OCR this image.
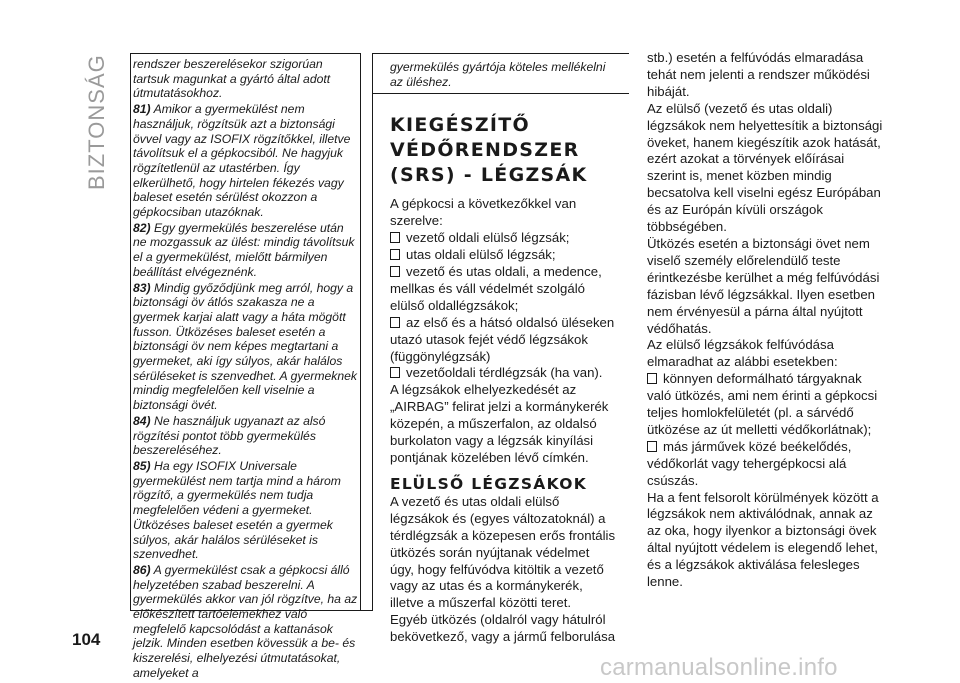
BIZTONSÁG rendszer beszerelésekor szigorúan tartsuk magunkat a gyártó által adott útmutatásokhoz.

81) Amikor a gyermekülést nem használjuk, rögzítsük azt a biztonsági övvel vagy az ISOFIX rögzítőkkel, illetve távolítsuk el a gépkocsiból. Ne hagyjuk rögzítetlenül az utastérben. Így elkerülhető, hogy hirtelen fékezés vagy baleset esetén sérülést okozzon a gépkocsiban utazóknak.

82) Egy gyermekülés beszerelése után ne mozgassuk az ülést: mindig távolítsuk el a gyermekülést, mielőtt bármilyen beállítást elvégeznénk.

83) Mindig győződjünk meg arról, hogy a biztonsági öv átlós szakasza ne a gyermek karjai alatt vagy a háta mögött fusson. Ütközéses baleset esetén a biztonsági öv nem képes megtartani a gyermeket, aki így súlyos, akár halálos sérüléseket is szenvedhet. A gyermeknek mindig megfelelően kell viselnie a biztonsági övét.

84) Ne használjuk ugyanazt az alsó rögzítési pontot több gyermekülés beszereléséhez.

85) Ha egy ISOFIX Universale gyermekülést nem tartja mind a három rögzítő, a gyermekülés nem tudja megfelelően védeni a gyermeket. Ütközéses baleset esetén a gyermek súlyos, akár halálos sérüléseket is szenvedhet.

86) A gyermekülést csak a gépkocsi álló helyzetében szabad beszerelni. A gyermekülés akkor van jól rögzítve, ha az előkészített tartóelemekhez való megfelelő kapcsolódást a kattanások jelzik. Minden esetben kövessük a be- és kiszerelési, elhelyezési útmutatásokat, amelyeket a

gyermekülés gyártója köteles mellékelni az üléshez.
KIEGÉSZÍTŐ
VÉDŐRENDSZER
(SRS) - LÉGZSÁK

A gépkocsi a következőkkel van szerelve:

vezető oldali elülső légzsák;

utas oldali elülső légzsák;

vezető és utas oldali, a medence, mellkas és váll védelmét szolgáló elülső oldallégzsákok;

az első és a hátsó oldalsó üléseken utazó utasok fejét védő légzsákok (függönylégzsák)

vezetőoldali térdlégzsák (ha van).

A légzsákok elhelyezkedését az „AIRBAG” felirat jelzi a kormánykerék közepén, a műszerfalon, az oldalsó burkolaton vagy a légzsák kinyílási pontjának közelében lévő címkén.

ELÜLSŐ LÉGZSÁKOK

A vezető és utas oldali elülső légzsákok és (egyes változatoknál) a térdlégzsák a közepesen erős frontális ütközés során nyújtanak védelmet úgy, hogy felfúvódva kitöltik a vezető vagy az utas és a kormánykerék, illetve a műszerfal közötti teret.

Egyéb ütközés (oldalról vagy hátulról bekövetkező, vagy a jármű felborulása

stb.) esetén a felfúvódás elmaradása tehát nem jelenti a rendszer működési hibáját.

Az elülső (vezető és utas oldali) légzsákok nem helyettesítik a biztonsági öveket, hanem kiegészítik azok hatását, ezért azokat a törvények előírásai szerint is, menet közben mindig becsatolva kell viselni egész Európában és az Európán kívüli országok többségében.

Ütközés esetén a biztonsági övet nem viselő személy előrelendülő teste érintkezésbe kerülhet a még felfúvódási fázisban lévő légzsákkal. Ilyen esetben nem érvényesül a párna által nyújtott védőhatás.

Az elülső légzsákok felfúvódása elmaradhat az alábbi esetekben:

könnyen deformálható tárgyaknak való ütközés, ami nem érinti a gépkocsi teljes homlokfelületét (pl. a sárvédő ütközése az út melletti védőkorlátnak);

más járművek közé beékelődés, védőkorlát vagy tehergépkocsi alá csúszás.

Ha a fent felsorolt körülmények között a légzsákok nem aktiválódnak, annak az az oka, hogy ilyenkor a biztonsági övek által nyújtott védelem is elegendő lehet, és a légzsákok aktiválása felesleges lenne.

104
carmanualsonline.info
